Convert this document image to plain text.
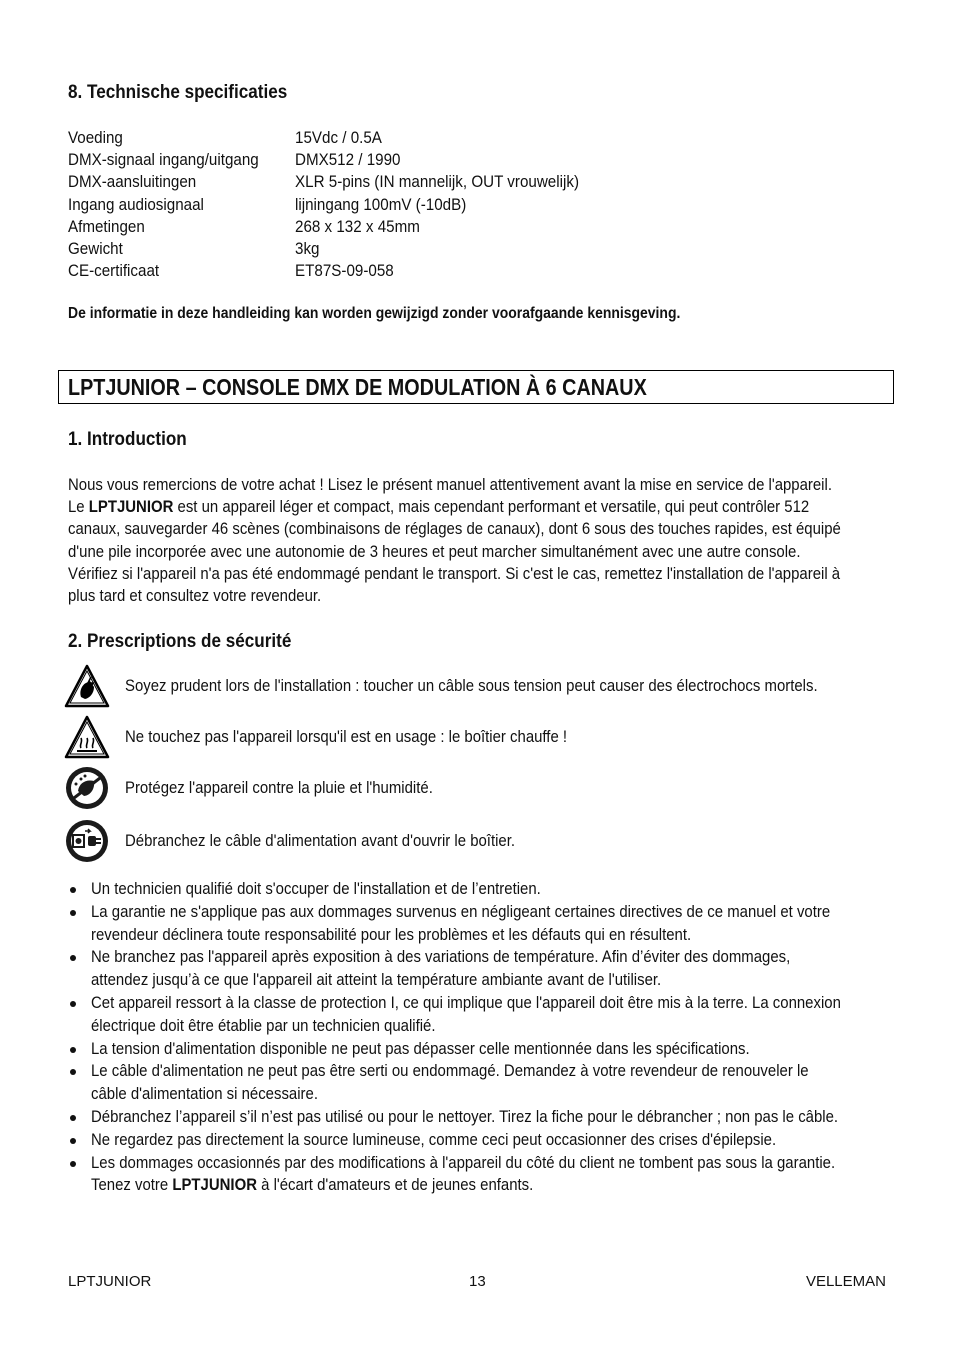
8. Technische specificaties
Voeding	15Vdc / 0.5A
DMX-signaal ingang/uitgang	DMX512 / 1990
DMX-aansluitingen	XLR 5-pins (IN mannelijk, OUT vrouwelijk)
Ingang audiosignaal	lijningang 100mV (-10dB)
Afmetingen	268 x 132 x 45mm
Gewicht	3kg
CE-certificaat	ET87S-09-058
De informatie in deze handleiding kan worden gewijzigd zonder voorafgaande kennisgeving.
LPTJUNIOR – CONSOLE DMX DE MODULATION À 6 CANAUX
1. Introduction

Nous vous remercions de votre achat ! Lisez le présent manuel attentivement avant la mise en service de l'appareil.

Le LPTJUNIOR est un appareil léger et compact, mais cependant performant et versatile, qui peut contrôler 512

canaux, sauvegarder 46 scènes (combinaisons de réglages de canaux), dont 6 sous des touches rapides, est équipé

d'une pile incorporée avec une autonomie de 3 heures et peut marcher simultanément avec une autre console.

Vérifiez si l'appareil n'a pas été endommagé pendant le transport. Si c'est le cas, remettez l'installation de l'appareil à

plus tard et consultez votre revendeur.

2. Prescriptions de sécurité
Soyez prudent lors de l'installation : toucher un câble sous tension peut causer des électrochocs mortels.
Ne touchez pas l'appareil lorsqu'il est en usage : le boîtier chauffe !
Protégez l'appareil contre la pluie et l'humidité.
Débranchez le câble d'alimentation avant d'ouvrir le boîtier.
Un technicien qualifié doit s'occuper de l'installation et de l’entretien.
La garantie ne s'applique pas aux dommages survenus en négligeant certaines directives de ce manuel et votre
revendeur déclinera toute responsabilité pour les problèmes et les défauts qui en résultent.
Ne branchez pas l'appareil après exposition à des variations de température. Afin d’éviter des dommages,
attendez jusqu’à ce que l'appareil ait atteint la température ambiante avant de l'utiliser.
Cet appareil ressort à la classe de protection I, ce qui implique que l'appareil doit être mis à la terre. La connexion
électrique doit être établie par un technicien qualifié.
La tension d'alimentation disponible ne peut pas dépasser celle mentionnée dans les spécifications.
Le câble d'alimentation ne peut pas être serti ou endommagé. Demandez à votre revendeur de renouveler le
câble d'alimentation si nécessaire.
Débranchez l’appareil s’il n’est pas utilisé ou pour le nettoyer. Tirez la fiche pour le débrancher ; non pas le câble.
Ne regardez pas directement la source lumineuse, comme ceci peut occasionner des crises d'épilepsie.
Les dommages occasionnés par des modifications à l'appareil du côté du client ne tombent pas sous la garantie.
Tenez votre LPTJUNIOR à l'écart d'amateurs et de jeunes enfants.
LPTJUNIOR	13	VELLEMAN
